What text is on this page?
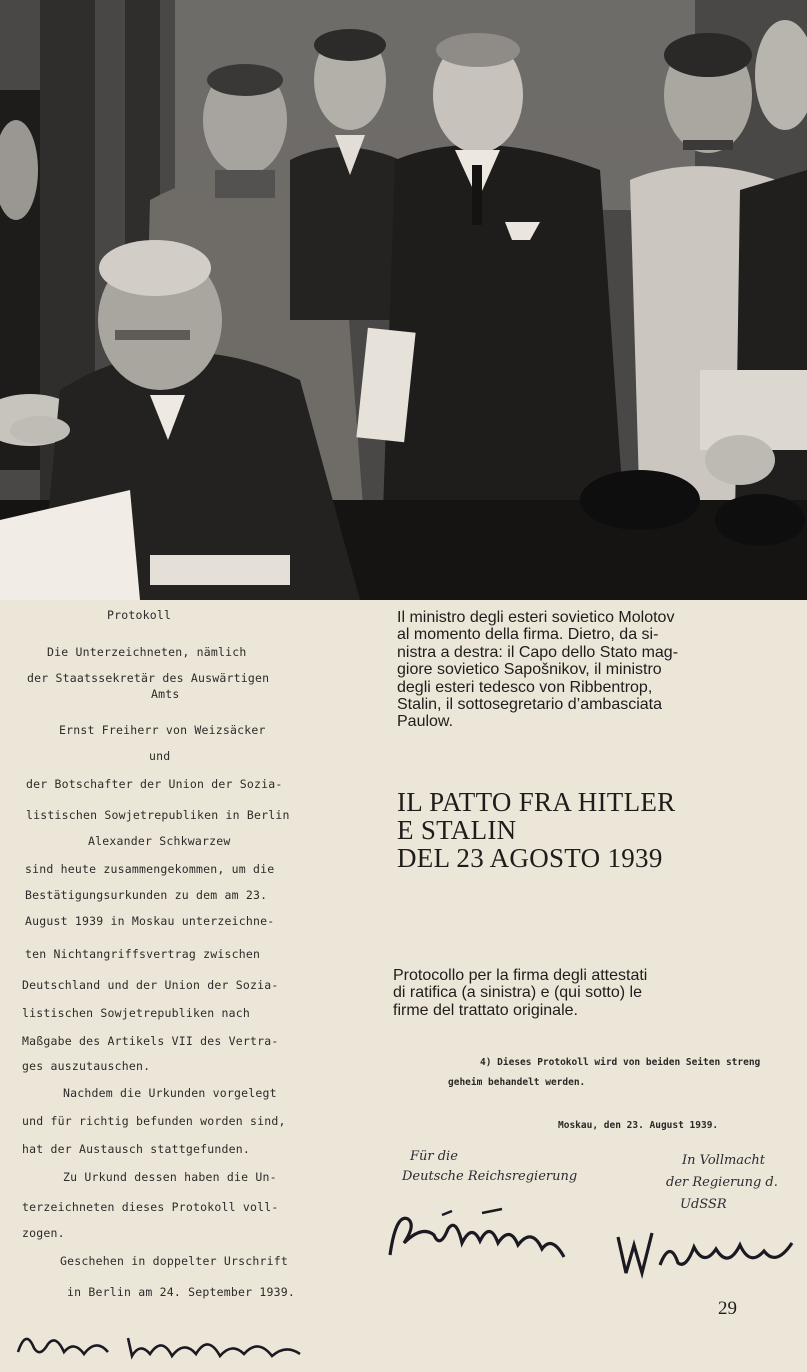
Protokoll
Die Unterzeichneten, nämlich
der Staatssekretär des Auswärtigen
Amts
Ernst Freiherr von Weizsäcker
und
der Botschafter der Union der Sozia-
listischen Sowjetrepubliken in Berlin
Alexander Schkwarzew
sind heute zusammengekommen, um die
Bestätigungsurkunden zu dem am 23.
August 1939 in Moskau unterzeichne-
ten Nichtangriffsvertrag zwischen
Deutschland und der Union der Sozia-
listischen Sowjetrepubliken nach
Maßgabe des Artikels VII des Vertra-
ges auszutauschen.
Nachdem die Urkunden vorgelegt
und für richtig befunden worden sind,
hat der Austausch stattgefunden.
Zu Urkund dessen haben die Un-
terzeichneten dieses Protokoll voll-
zogen.
Geschehen in doppelter Urschrift
in Berlin am 24. September 1939.
Il ministro degli esteri sovietico Molotov
al momento della firma. Dietro, da si-
nistra a destra: il Capo dello Stato mag-
giore sovietico Sapošnikov, il ministro
degli esteri tedesco von Ribbentrop,
Stalin, il sottosegretario d’ambasciata
Paulow.
IL PATTO FRA HITLER
E STALIN
DEL 23 AGOSTO 1939
Protocollo per la firma degli attestati
di ratifica (a sinistra) e (qui sotto) le
firme del trattato originale.
4) Dieses Protokoll wird von beiden Seiten streng
geheim behandelt werden.
Moskau, den 23. August 1939.
Für die
Deutsche Reichsregierung
In Vollmacht
der Regierung d.
UdSSR
29
